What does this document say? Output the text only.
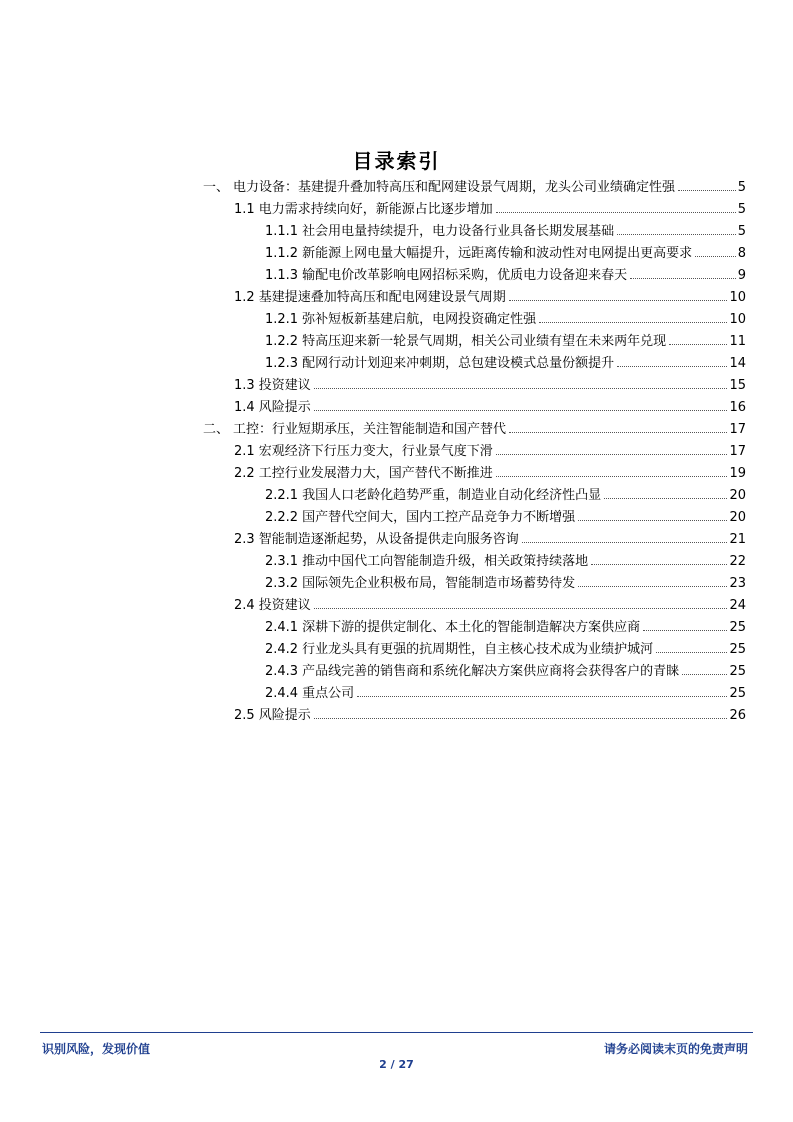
目录索引
一、 电力设备：基建提升叠加特高压和配网建设景气周期，龙头公司业绩确定性强	5
1.1 电力需求持续向好，新能源占比逐步增加	5
1.1.1 社会用电量持续提升，电力设备行业具备长期发展基础	5
1.1.2 新能源上网电量大幅提升，远距离传输和波动性对电网提出更高要求	8
1.1.3 输配电价改革影响电网招标采购，优质电力设备迎来春天	9
1.2 基建提速叠加特高压和配电网建设景气周期	10
1.2.1 弥补短板新基建启航，电网投资确定性强	10
1.2.2 特高压迎来新一轮景气周期，相关公司业绩有望在未来两年兑现	11
1.2.3 配网行动计划迎来冲刺期，总包建设模式总量份额提升	14
1.3 投资建议	15
1.4 风险提示	16
二、 工控：行业短期承压，关注智能制造和国产替代	17
2.1 宏观经济下行压力变大，行业景气度下滑	17
2.2 工控行业发展潜力大，国产替代不断推进	19
2.2.1 我国人口老龄化趋势严重，制造业自动化经济性凸显	20
2.2.2 国产替代空间大，国内工控产品竞争力不断增强	20
2.3 智能制造逐渐起势，从设备提供走向服务咨询	21
2.3.1 推动中国代工向智能制造升级，相关政策持续落地	22
2.3.2 国际领先企业积极布局，智能制造市场蓄势待发	23
2.4 投资建议	24
2.4.1 深耕下游的提供定制化、本土化的智能制造解决方案供应商	25
2.4.2 行业龙头具有更强的抗周期性，自主核心技术成为业绩护城河	25
2.4.3 产品线完善的销售商和系统化解决方案供应商将会获得客户的青睐	25
2.4.4 重点公司	25
2.5 风险提示	26
识别风险，发现价值	请务必阅读末页的免责声明
2 / 27
